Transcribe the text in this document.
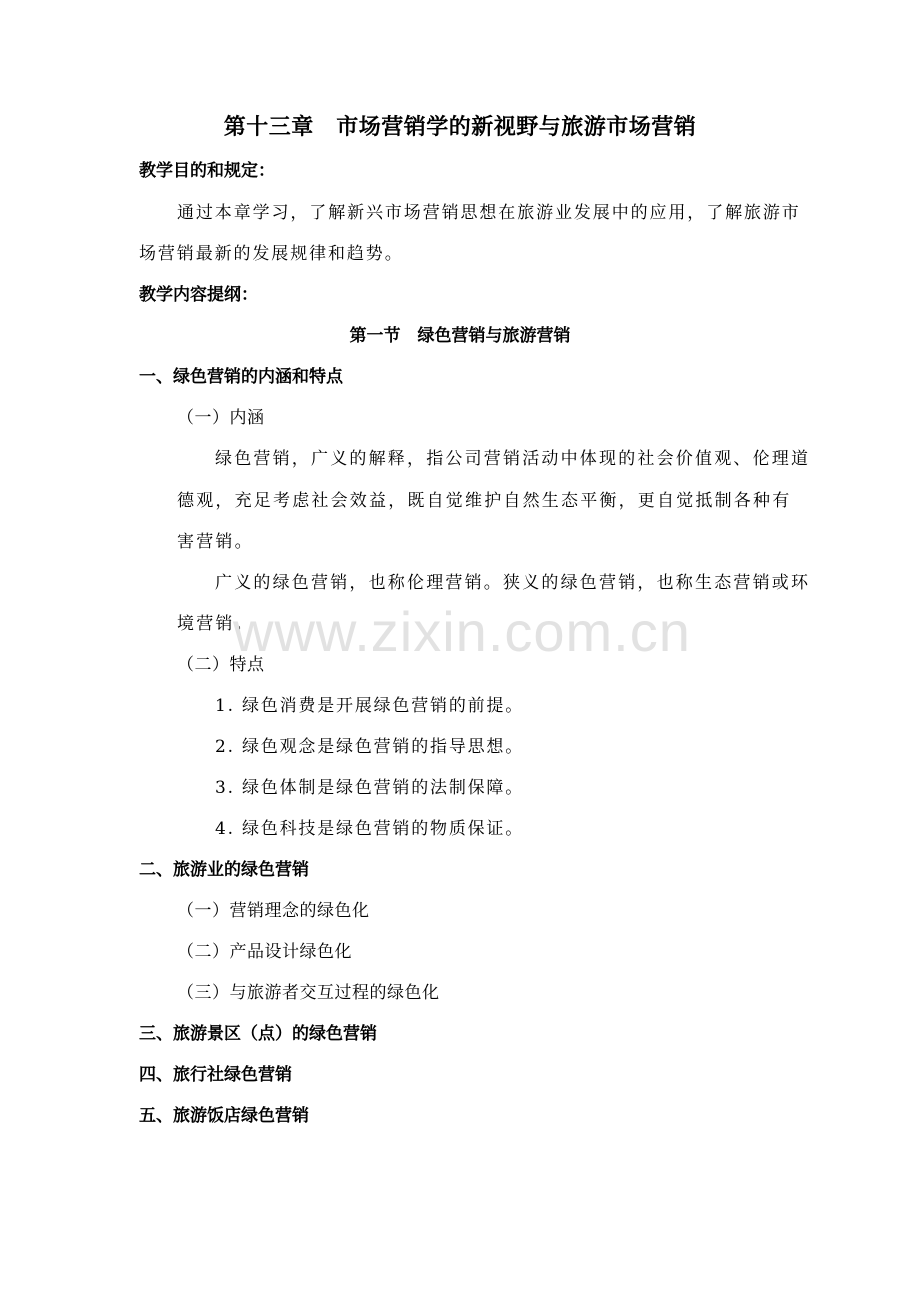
第十三章　市场营销学的新视野与旅游市场营销
教学目的和规定：
通过本章学习，了解新兴市场营销思想在旅游业发展中的应用，了解旅游市
场营销最新的发展规律和趋势。
教学内容提纲：
第一节　绿色营销与旅游营销
一、绿色营销的内涵和特点
（一）内涵
绿色营销，广义的解释，指公司营销活动中体现的社会价值观、伦理道
德观，充足考虑社会效益，既自觉维护自然生态平衡，更自觉抵制各种有
害营销。
广义的绿色营销，也称伦理营销。狭义的绿色营销，也称生态营销或环
境营销。
（二）特点
1. 绿色消费是开展绿色营销的前提。
2. 绿色观念是绿色营销的指导思想。
3. 绿色体制是绿色营销的法制保障。
4. 绿色科技是绿色营销的物质保证。
二、旅游业的绿色营销
（一）营销理念的绿色化
（二）产品设计绿色化
（三）与旅游者交互过程的绿色化
三、旅游景区（点）的绿色营销
四、旅行社绿色营销
五、旅游饭店绿色营销
www.zixin.com.cn
